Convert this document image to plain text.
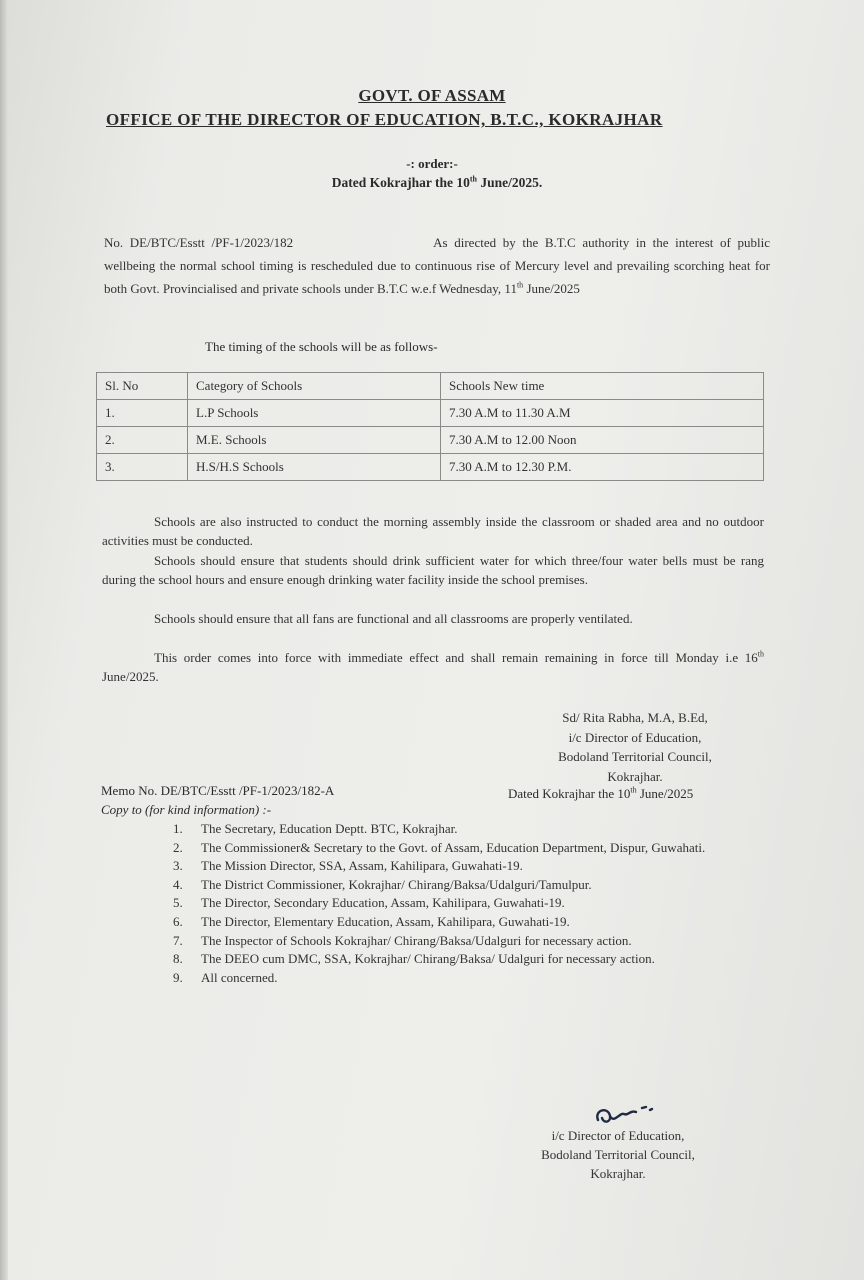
GOVT. OF ASSAM
OFFICE OF THE DIRECTOR OF EDUCATION, B.T.C., KOKRAJHAR
-: order:-
Dated Kokrajhar the 10th June/2025.
No. DE/BTC/Esstt /PF-1/2023/182	As directed by the B.T.C authority in the interest of public wellbeing the normal school timing is rescheduled due to continuous rise of Mercury level and prevailing scorching heat for both Govt. Provincialised and private schools under B.T.C w.e.f Wednesday, 11th June/2025
The timing of the schools will be as follows-
Sl. No	Category of Schools	Schools New time
1.	L.P Schools	7.30 A.M to 11.30 A.M
2.	M.E. Schools	7.30 A.M to 12.00 Noon
3.	H.S/H.S Schools	7.30 A.M to 12.30 P.M.
Schools are also instructed to conduct the morning assembly inside the classroom or shaded area and no outdoor activities must be conducted.
Schools should ensure that students should drink sufficient water for which three/four water bells must be rang during the school hours and ensure enough drinking water facility inside the school premises.
Schools should ensure that all fans are functional and all classrooms are properly ventilated.
This order comes into force with immediate effect and shall remain remaining in force till Monday i.e 16th June/2025.
Sd/ Rita Rabha, M.A, B.Ed,
i/c Director of Education,
Bodoland Territorial Council,
Kokrajhar.
Memo No. DE/BTC/Esstt /PF-1/2023/182-A	Dated Kokrajhar the 10th June/2025
Copy to (for kind information) :-
1.	The Secretary, Education Deptt. BTC, Kokrajhar.
2.	The Commissioner& Secretary to the Govt. of Assam, Education Department, Dispur, Guwahati.
3.	The Mission Director, SSA, Assam, Kahilipara, Guwahati-19.
4.	The District Commissioner, Kokrajhar/ Chirang/Baksa/Udalguri/Tamulpur.
5.	The Director, Secondary Education, Assam, Kahilipara, Guwahati-19.
6.	The Director, Elementary Education, Assam, Kahilipara, Guwahati-19.
7.	The Inspector of Schools Kokrajhar/ Chirang/Baksa/Udalguri for necessary action.
8.	The DEEO cum DMC, SSA, Kokrajhar/ Chirang/Baksa/ Udalguri for necessary action.
9.	All concerned.
i/c Director of Education,
Bodoland Territorial Council,
Kokrajhar.
